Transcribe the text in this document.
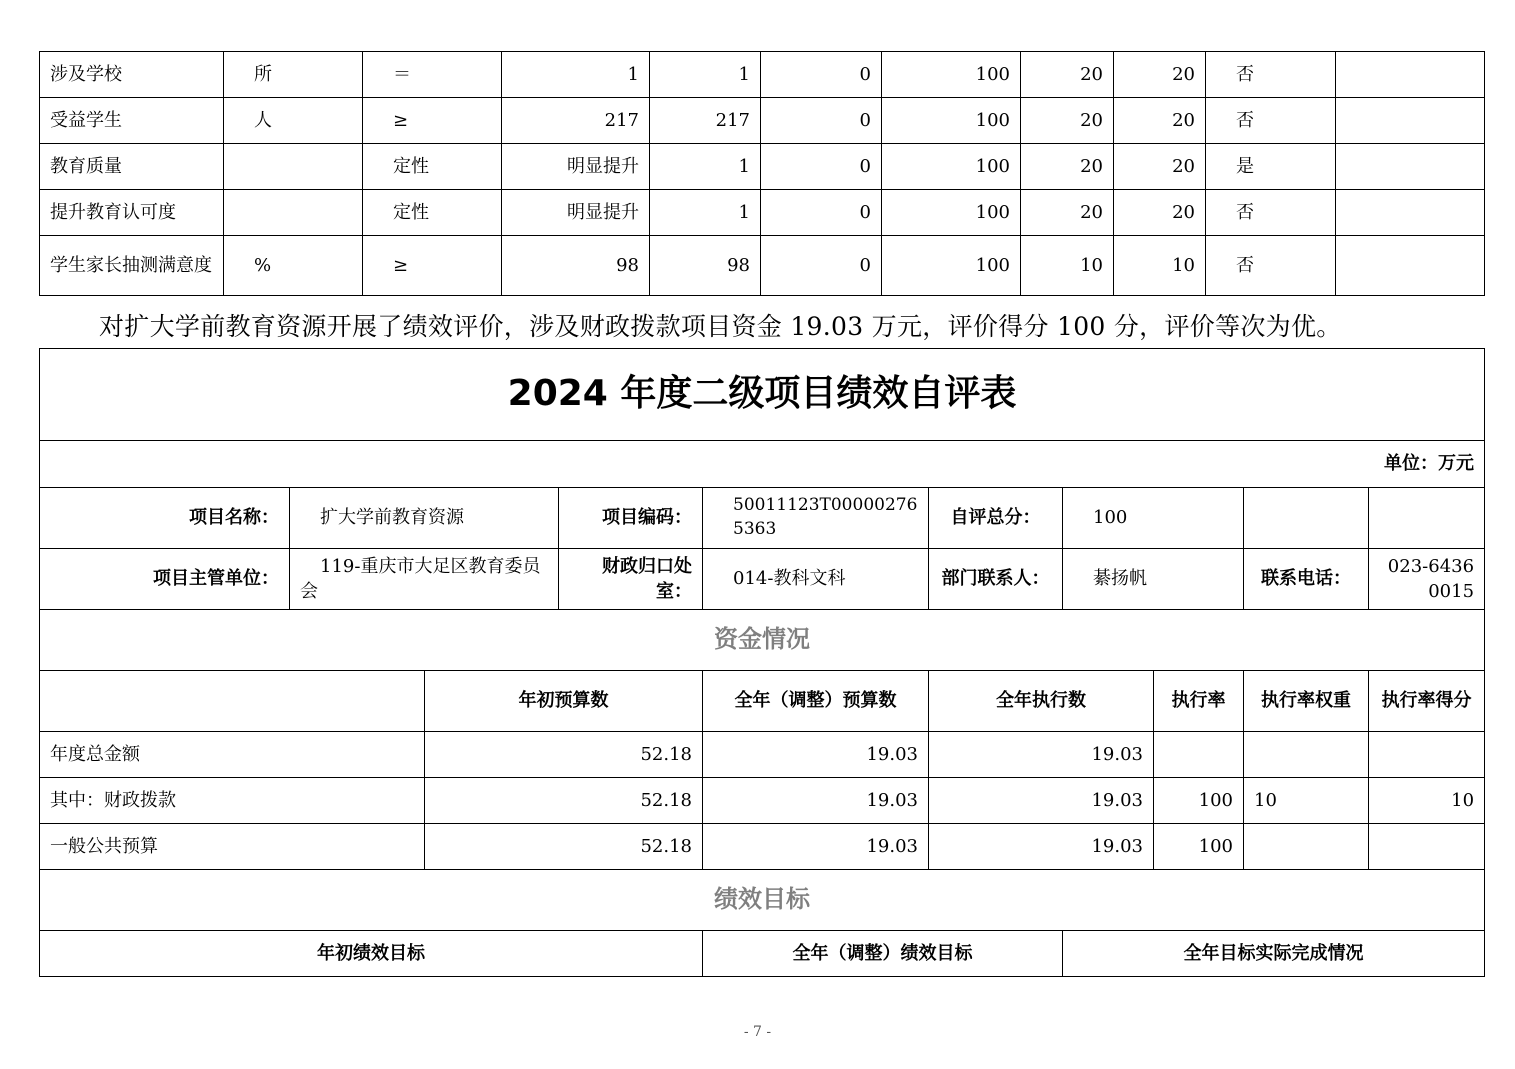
涉及学校	所	＝	1	1	0	100	20	20	否	
受益学生	人	≥	217	217	0	100	20	20	否	
教育质量		定性	明显提升	1	0	100	20	20	是	
提升教育认可度		定性	明显提升	1	0	100	20	20	否	
学生家长抽测满意度	%	≥	98	98	0	100	10	10	否	

对扩大学前教育资源开展了绩效评价，涉及财政拨款项目资金 19.03 万元，评价得分 100 分，评价等次为优。

2024 年度二级项目绩效自评表									
单位：万元									
项目名称：	扩大学前教育资源		项目编码：	50011123T000002765363	自评总分：	100			
项目主管单位：	119-重庆市大足区教育委员会		财政归口处室：	014-教科文科	部门联系人：	綦扬帆		联系电话：	023-64360015
资金情况									
		年初预算数		全年（调整）预算数	全年执行数		执行率	执行率权重	执行率得分
年度总金额		52.18		19.03	19.03				
其中：财政拨款		52.18		19.03	19.03		100	10	10
一般公共预算		52.18		19.03	19.03		100		
绩效目标									
年初绩效目标				全年（调整）绩效目标		全年目标实际完成情况			
- 7 -
